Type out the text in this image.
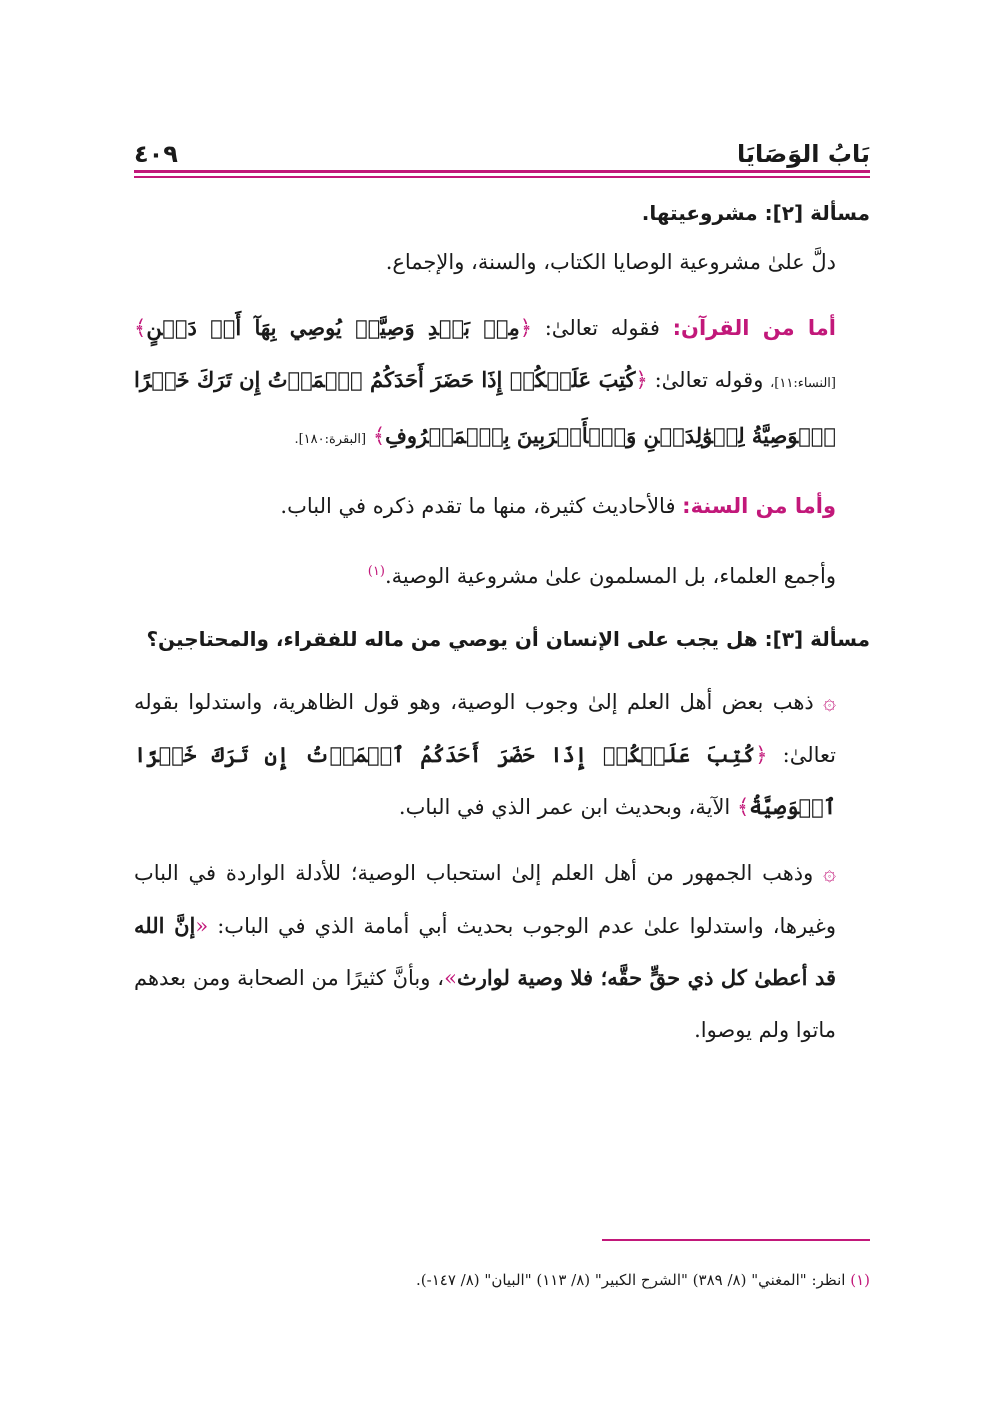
بَابُ الوَصَايَا
٤٠٩

مسألة [٢]: مشروعيتها.

دلَّ علىٰ مشروعية الوصايا الكتاب، والسنة، والإجماع.

أما من القرآن: فقوله تعالىٰ: ﴿مِنۢ بَعۡدِ وَصِيَّةٖ يُوصِي بِهَآ أَوۡ دَيۡنٍ﴾ [النساء:١١]، وقوله تعالىٰ: ﴿كُتِبَ عَلَيۡكُمۡ إِذَا حَضَرَ أَحَدَكُمُ ٱلۡمَوۡتُ إِن تَرَكَ خَيۡرًا ٱلۡوَصِيَّةُ لِلۡوَٰلِدَيۡنِ وَٱلۡأَقۡرَبِينَ بِٱلۡمَعۡرُوفِ﴾ [البقرة:١٨٠].

وأما من السنة: فالأحاديث كثيرة، منها ما تقدم ذكره في الباب.

وأجمع العلماء، بل المسلمون علىٰ مشروعية الوصية.$^{(١)}$

مسألة [٣]: هل يجب على الإنسان أن يوصي من ماله للفقراء، والمحتاجين؟

۞ ذهب بعض أهل العلم إلىٰ وجوب الوصية، وهو قول الظاهرية، واستدلوا بقوله تعالىٰ: ﴿كُتِبَ عَلَيۡكُمۡ إِذَا حَضَرَ أَحَدَكُمُ ٱلۡمَوۡتُ إِن تَرَكَ خَيۡرًا ٱلۡوَصِيَّةُ﴾ الآية، وبحديث ابن عمر الذي في الباب.

۞ وذهب الجمهور من أهل العلم إلىٰ استحباب الوصية؛ للأدلة الواردة في الباب وغيرها، واستدلوا علىٰ عدم الوجوب بحديث أبي أمامة الذي في الباب: «إنَّ الله قد أعطىٰ كل ذي حقٍّ حقَّه؛ فلا وصية لوارث»، وبأنَّ كثيرًا من الصحابة ومن بعدهم ماتوا ولم يوصوا.

(١) انظر: "المغني" (٨/ ٣٨٩) "الشرح الكبير" (٨/ ١١٣) "البيان" (٨/ ١٤٧-).
